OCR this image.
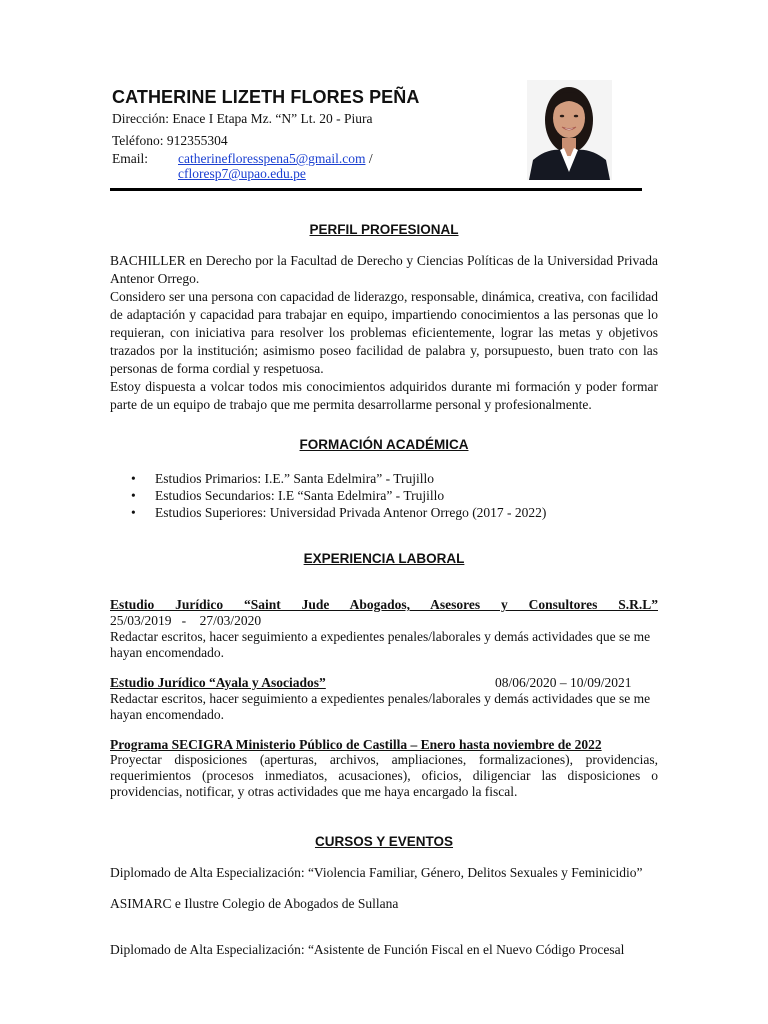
CATHERINE LIZETH FLORES PEÑA
Dirección: Enace I Etapa Mz. “N” Lt. 20 - Piura
Teléfono: 912355304
Email: catherinefloresspena5@gmail.com /
cfloresp7@upao.edu.pe
PERFIL PROFESIONAL
BACHILLER en Derecho por la Facultad de Derecho y Ciencias Políticas de la Universidad Privada Antenor Orrego.
Considero ser una persona con capacidad de liderazgo, responsable, dinámica, creativa, con facilidad de adaptación y capacidad para trabajar en equipo, impartiendo conocimientos a las personas que lo requieran, con iniciativa para resolver los problemas eficientemente, lograr las metas y objetivos trazados por la institución; asimismo poseo facilidad de palabra y, porsupuesto, buen trato con las personas de forma cordial y respetuosa.
Estoy dispuesta a volcar todos mis conocimientos adquiridos durante mi formación y poder formar parte de un equipo de trabajo que me permita desarrollarme personal y profesionalmente.
FORMACIÓN ACADÉMICA
• Estudios Primarios: I.E.” Santa Edelmira” - Trujillo
• Estudios Secundarios: I.E “Santa Edelmira” - Trujillo
• Estudios Superiores: Universidad Privada Antenor Orrego (2017 - 2022)
EXPERIENCIA LABORAL
Estudio Jurídico “Saint Jude Abogados, Asesores y Consultores S.R.L”
25/03/2019   -    27/03/2020
Redactar escritos, hacer seguimiento a expedientes penales/laborales y demás actividades que se me hayan encomendado.
Estudio Jurídico “Ayala y Asociados”	08/06/2020 – 10/09/2021
Redactar escritos, hacer seguimiento a expedientes penales/laborales y demás actividades que se me hayan encomendado.
Programa SECIGRA Ministerio Público de Castilla – Enero hasta noviembre de 2022
Proyectar disposiciones (aperturas, archivos, ampliaciones, formalizaciones), providencias, requerimientos (procesos inmediatos, acusaciones), oficios, diligenciar las disposiciones o providencias, notificar, y otras actividades que me haya encargado la fiscal.
CURSOS Y EVENTOS
Diplomado de Alta Especialización: “Violencia Familiar, Género, Delitos Sexuales y Feminicidio”
ASIMARC e Ilustre Colegio de Abogados de Sullana
Diplomado de Alta Especialización: “Asistente de Función Fiscal en el Nuevo Código Procesal
